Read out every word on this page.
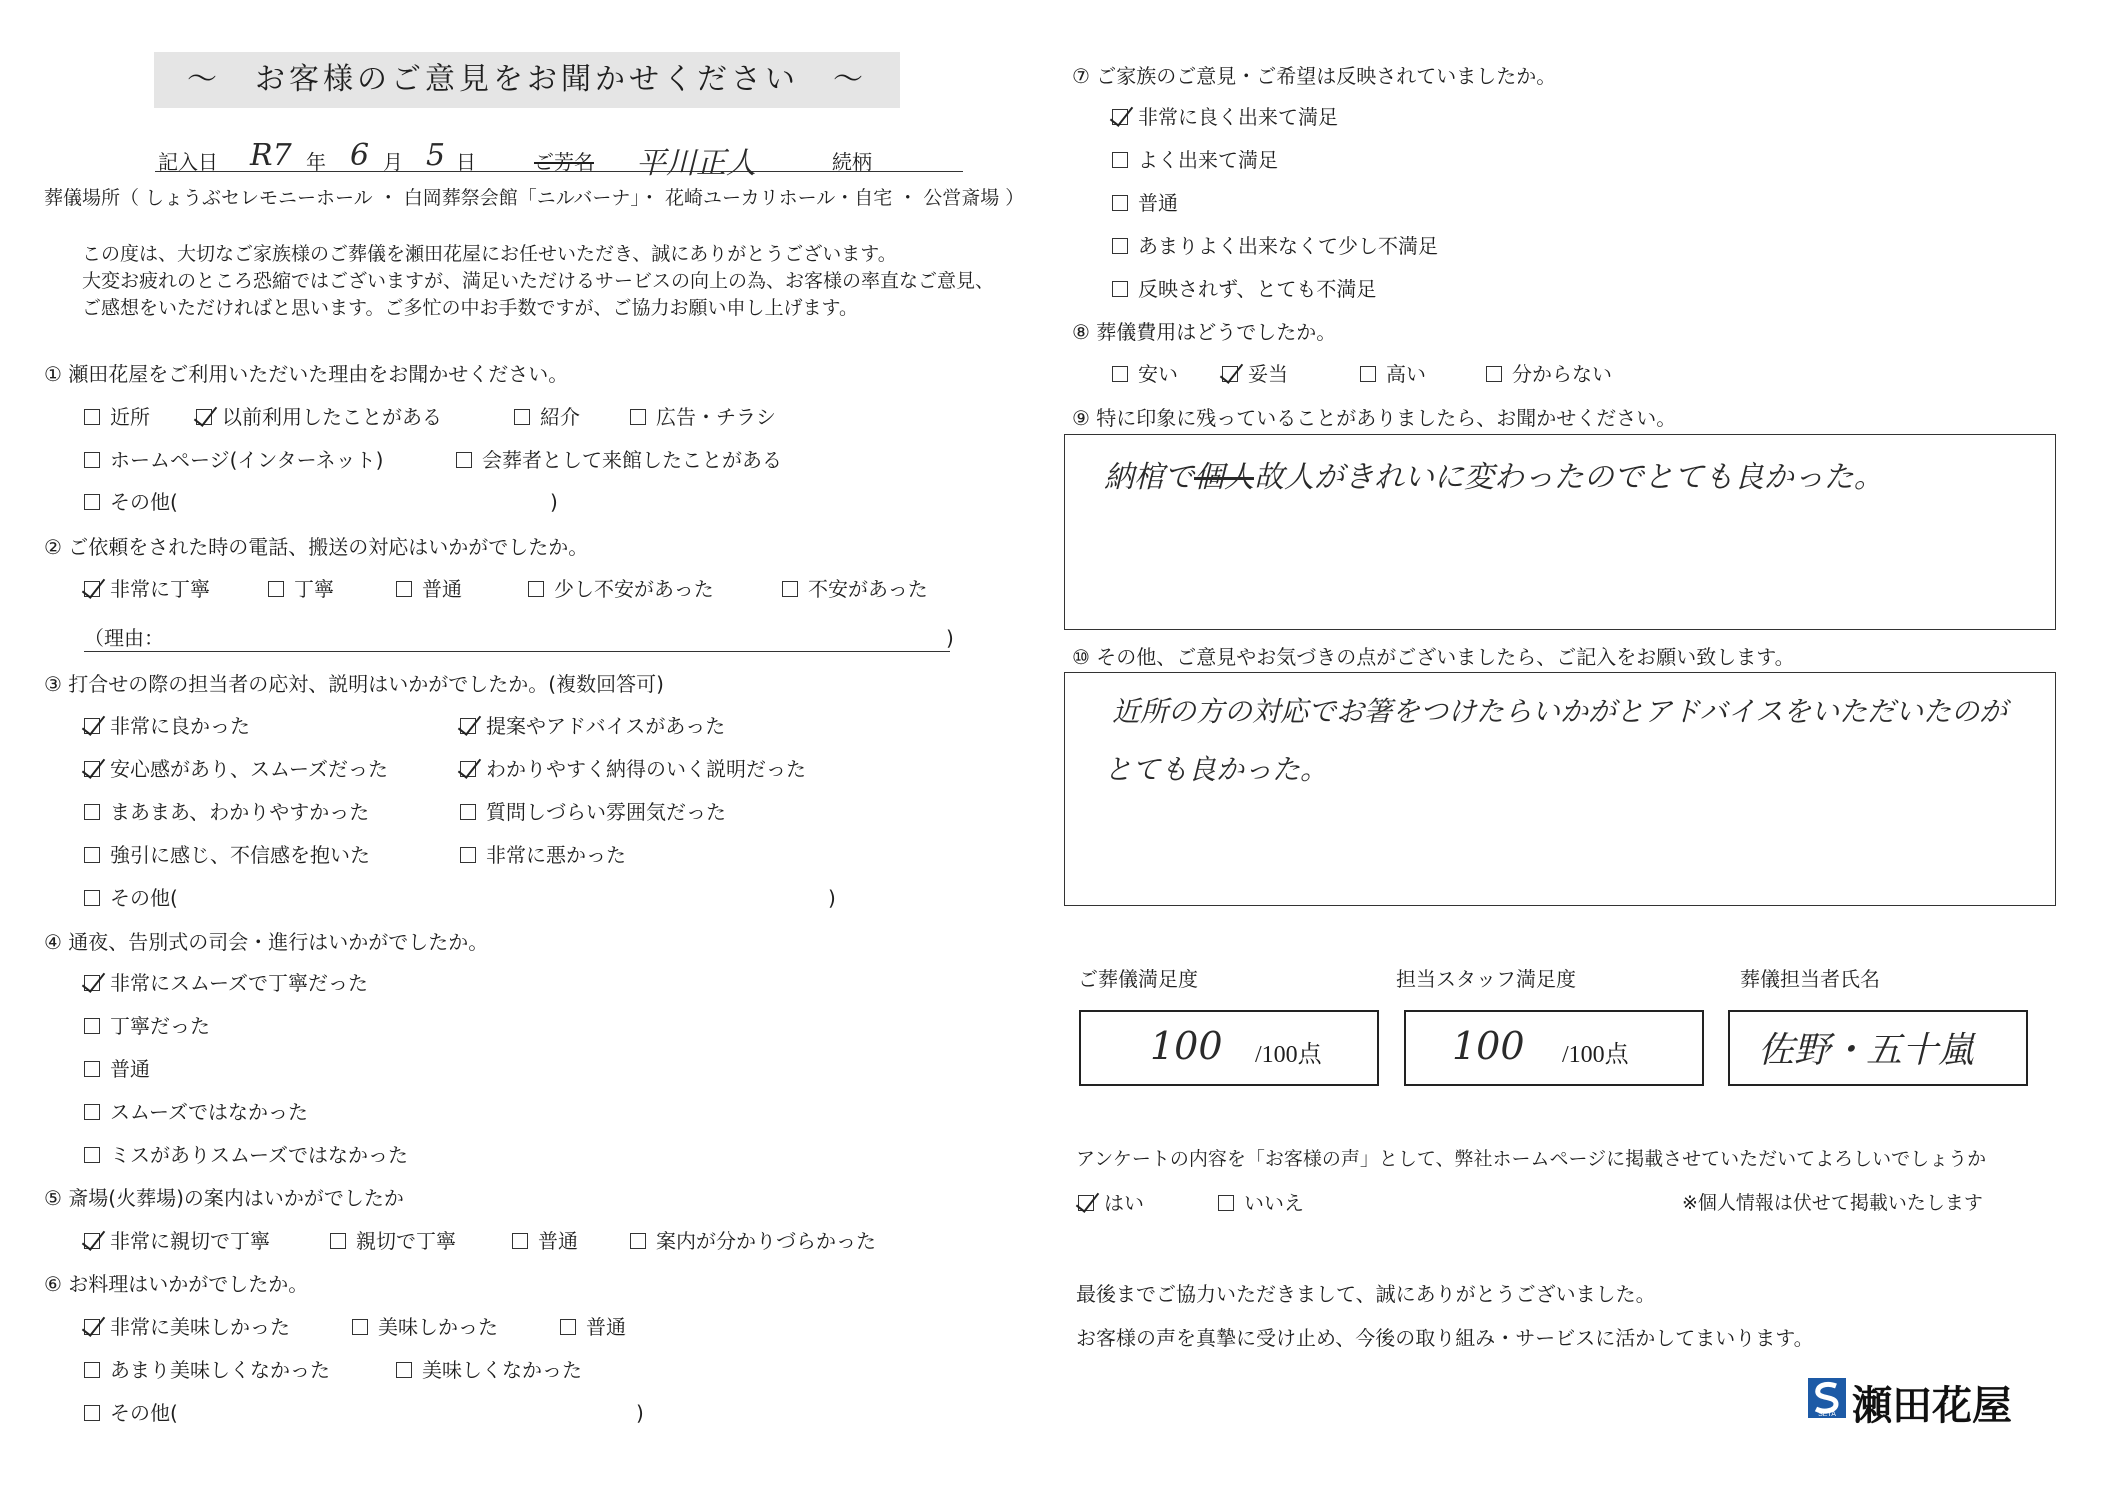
〜　お客様のご意見をお聞かせください　〜
記入日 R7 年 6 月 5 日	ご芳名 平川正人	続柄
葬儀場所（ しょうぶセレモニーホール ・ 白岡葬祭会館「ニルバーナ」・ 花崎ユーカリホール・自宅 ・ 公営斎場 ）
この度は、大切なご家族様のご葬儀を瀬田花屋にお任せいただき、誠にありがとうございます。
大変お疲れのところ恐縮ではございますが、満足いただけるサービスの向上の為、お客様の率直なご意見、
ご感想をいただければと思います。ご多忙の中お手数ですが、ご協力お願い申し上げます。
① 瀬田花屋をご利用いただいた理由をお聞かせください。
近所	以前利用したことがある	紹介	広告・チラシ
ホームページ(インターネット)	会葬者として来館したことがある
その他(	)
② ご依頼をされた時の電話、搬送の対応はいかがでしたか。
非常に丁寧	丁寧	普通	少し不安があった	不安があった
（理由：	)
③ 打合せの際の担当者の応対、説明はいかがでしたか。(複数回答可)
非常に良かった	提案やアドバイスがあった
安心感があり、スムーズだった	わかりやすく納得のいく説明だった
まあまあ、わかりやすかった	質問しづらい雰囲気だった
強引に感じ、不信感を抱いた	非常に悪かった
その他(	)
④ 通夜、告別式の司会・進行はいかがでしたか。
非常にスムーズで丁寧だった
丁寧だった
普通
スムーズではなかった
ミスがありスムーズではなかった
⑤ 斎場(火葬場)の案内はいかがでしたか
非常に親切で丁寧	親切で丁寧	普通	案内が分かりづらかった
⑥ お料理はいかがでしたか。
非常に美味しかった	美味しかった	普通
あまり美味しくなかった	美味しくなかった
その他(	)
⑦ ご家族のご意見・ご希望は反映されていましたか。
非常に良く出来て満足
よく出来て満足
普通
あまりよく出来なくて少し不満足
反映されず、とても不満足
⑧ 葬儀費用はどうでしたか。
安い	妥当	高い	分からない
⑨ 特に印象に残っていることがありましたら、お聞かせください。
納棺で個人故人がきれいに変わったのでとても良かった。
⑩ その他、ご意見やお気づきの点がございましたら、ご記入をお願い致します。
近所の方の対応でお箸をつけたらいかがとアドバイスをいただいたのが
とても良かった。
ご葬儀満足度	担当スタッフ満足度	葬儀担当者氏名
100 /100点	100 /100点	佐野・五十嵐
アンケートの内容を「お客様の声」として、弊社ホームページに掲載させていただいてよろしいでしょうか
はい	いいえ	※個人情報は伏せて掲載いたします
最後までご協力いただきまして、誠にありがとうございました。
お客様の声を真摯に受け止め、今後の取り組み・サービスに活かしてまいります。
SETA 瀬田花屋
